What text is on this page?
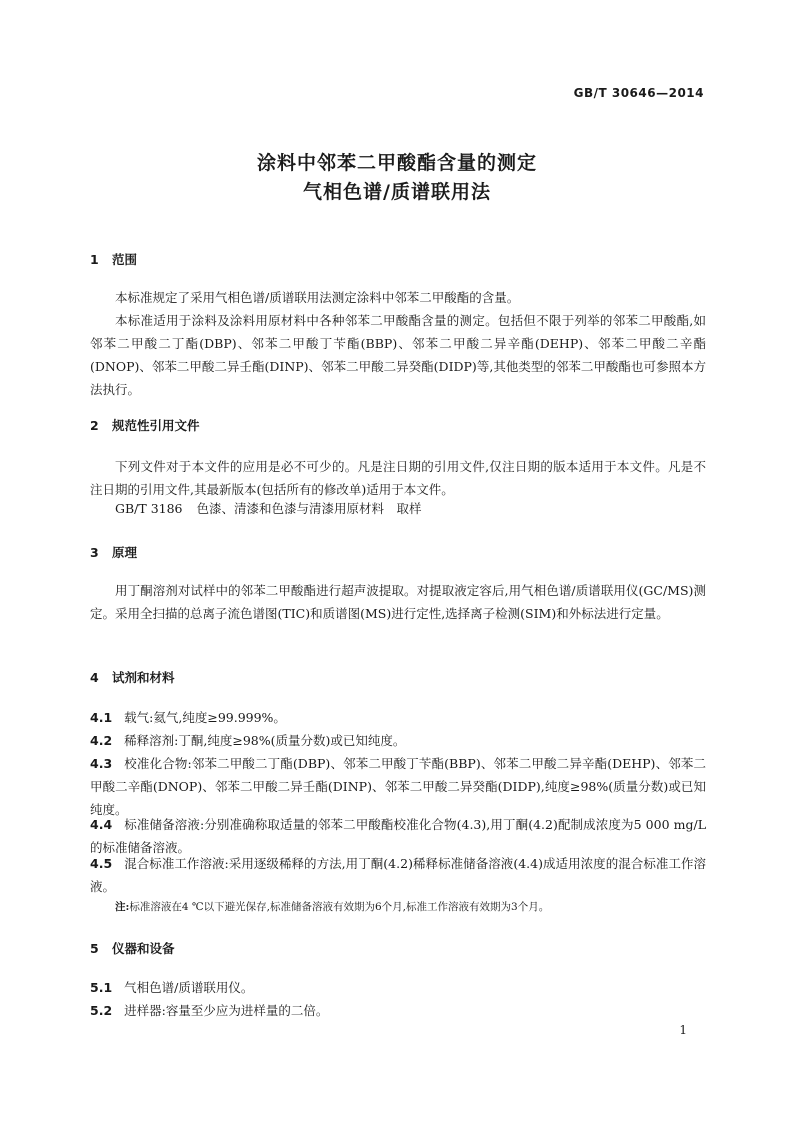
GB/T 30646—2014
涂料中邻苯二甲酸酯含量的测定
气相色谱/质谱联用法
1 范围
本标准规定了采用气相色谱/质谱联用法测定涂料中邻苯二甲酸酯的含量。
本标准适用于涂料及涂料用原材料中各种邻苯二甲酸酯含量的测定。包括但不限于列举的邻苯二甲酸酯,如邻苯二甲酸二丁酯(DBP)、邻苯二甲酸丁苄酯(BBP)、邻苯二甲酸二异辛酯(DEHP)、邻苯二甲酸二辛酯(DNOP)、邻苯二甲酸二异壬酯(DINP)、邻苯二甲酸二异癸酯(DIDP)等,其他类型的邻苯二甲酸酯也可参照本方法执行。
2 规范性引用文件
下列文件对于本文件的应用是必不可少的。凡是注日期的引用文件,仅注日期的版本适用于本文件。凡是不注日期的引用文件,其最新版本(包括所有的修改单)适用于本文件。
GB/T 3186 色漆、清漆和色漆与清漆用原材料　取样
3 原理
用丁酮溶剂对试样中的邻苯二甲酸酯进行超声波提取。对提取液定容后,用气相色谱/质谱联用仪(GC/MS)测定。采用全扫描的总离子流色谱图(TIC)和质谱图(MS)进行定性,选择离子检测(SIM)和外标法进行定量。
4 试剂和材料
4.1 载气:氦气,纯度≥99.999%。
4.2 稀释溶剂:丁酮,纯度≥98%(质量分数)或已知纯度。
4.3 校准化合物:邻苯二甲酸二丁酯(DBP)、邻苯二甲酸丁苄酯(BBP)、邻苯二甲酸二异辛酯(DEHP)、邻苯二甲酸二辛酯(DNOP)、邻苯二甲酸二异壬酯(DINP)、邻苯二甲酸二异癸酯(DIDP),纯度≥98%(质量分数)或已知纯度。
4.4 标准储备溶液:分别准确称取适量的邻苯二甲酸酯校准化合物(4.3),用丁酮(4.2)配制成浓度为5 000 mg/L的标准储备溶液。
4.5 混合标准工作溶液:采用逐级稀释的方法,用丁酮(4.2)稀释标准储备溶液(4.4)成适用浓度的混合标准工作溶液。
注:标准溶液在4 ℃以下避光保存,标准储备溶液有效期为6个月,标准工作溶液有效期为3个月。
5 仪器和设备
5.1 气相色谱/质谱联用仪。
5.2 进样器:容量至少应为进样量的二倍。
1
